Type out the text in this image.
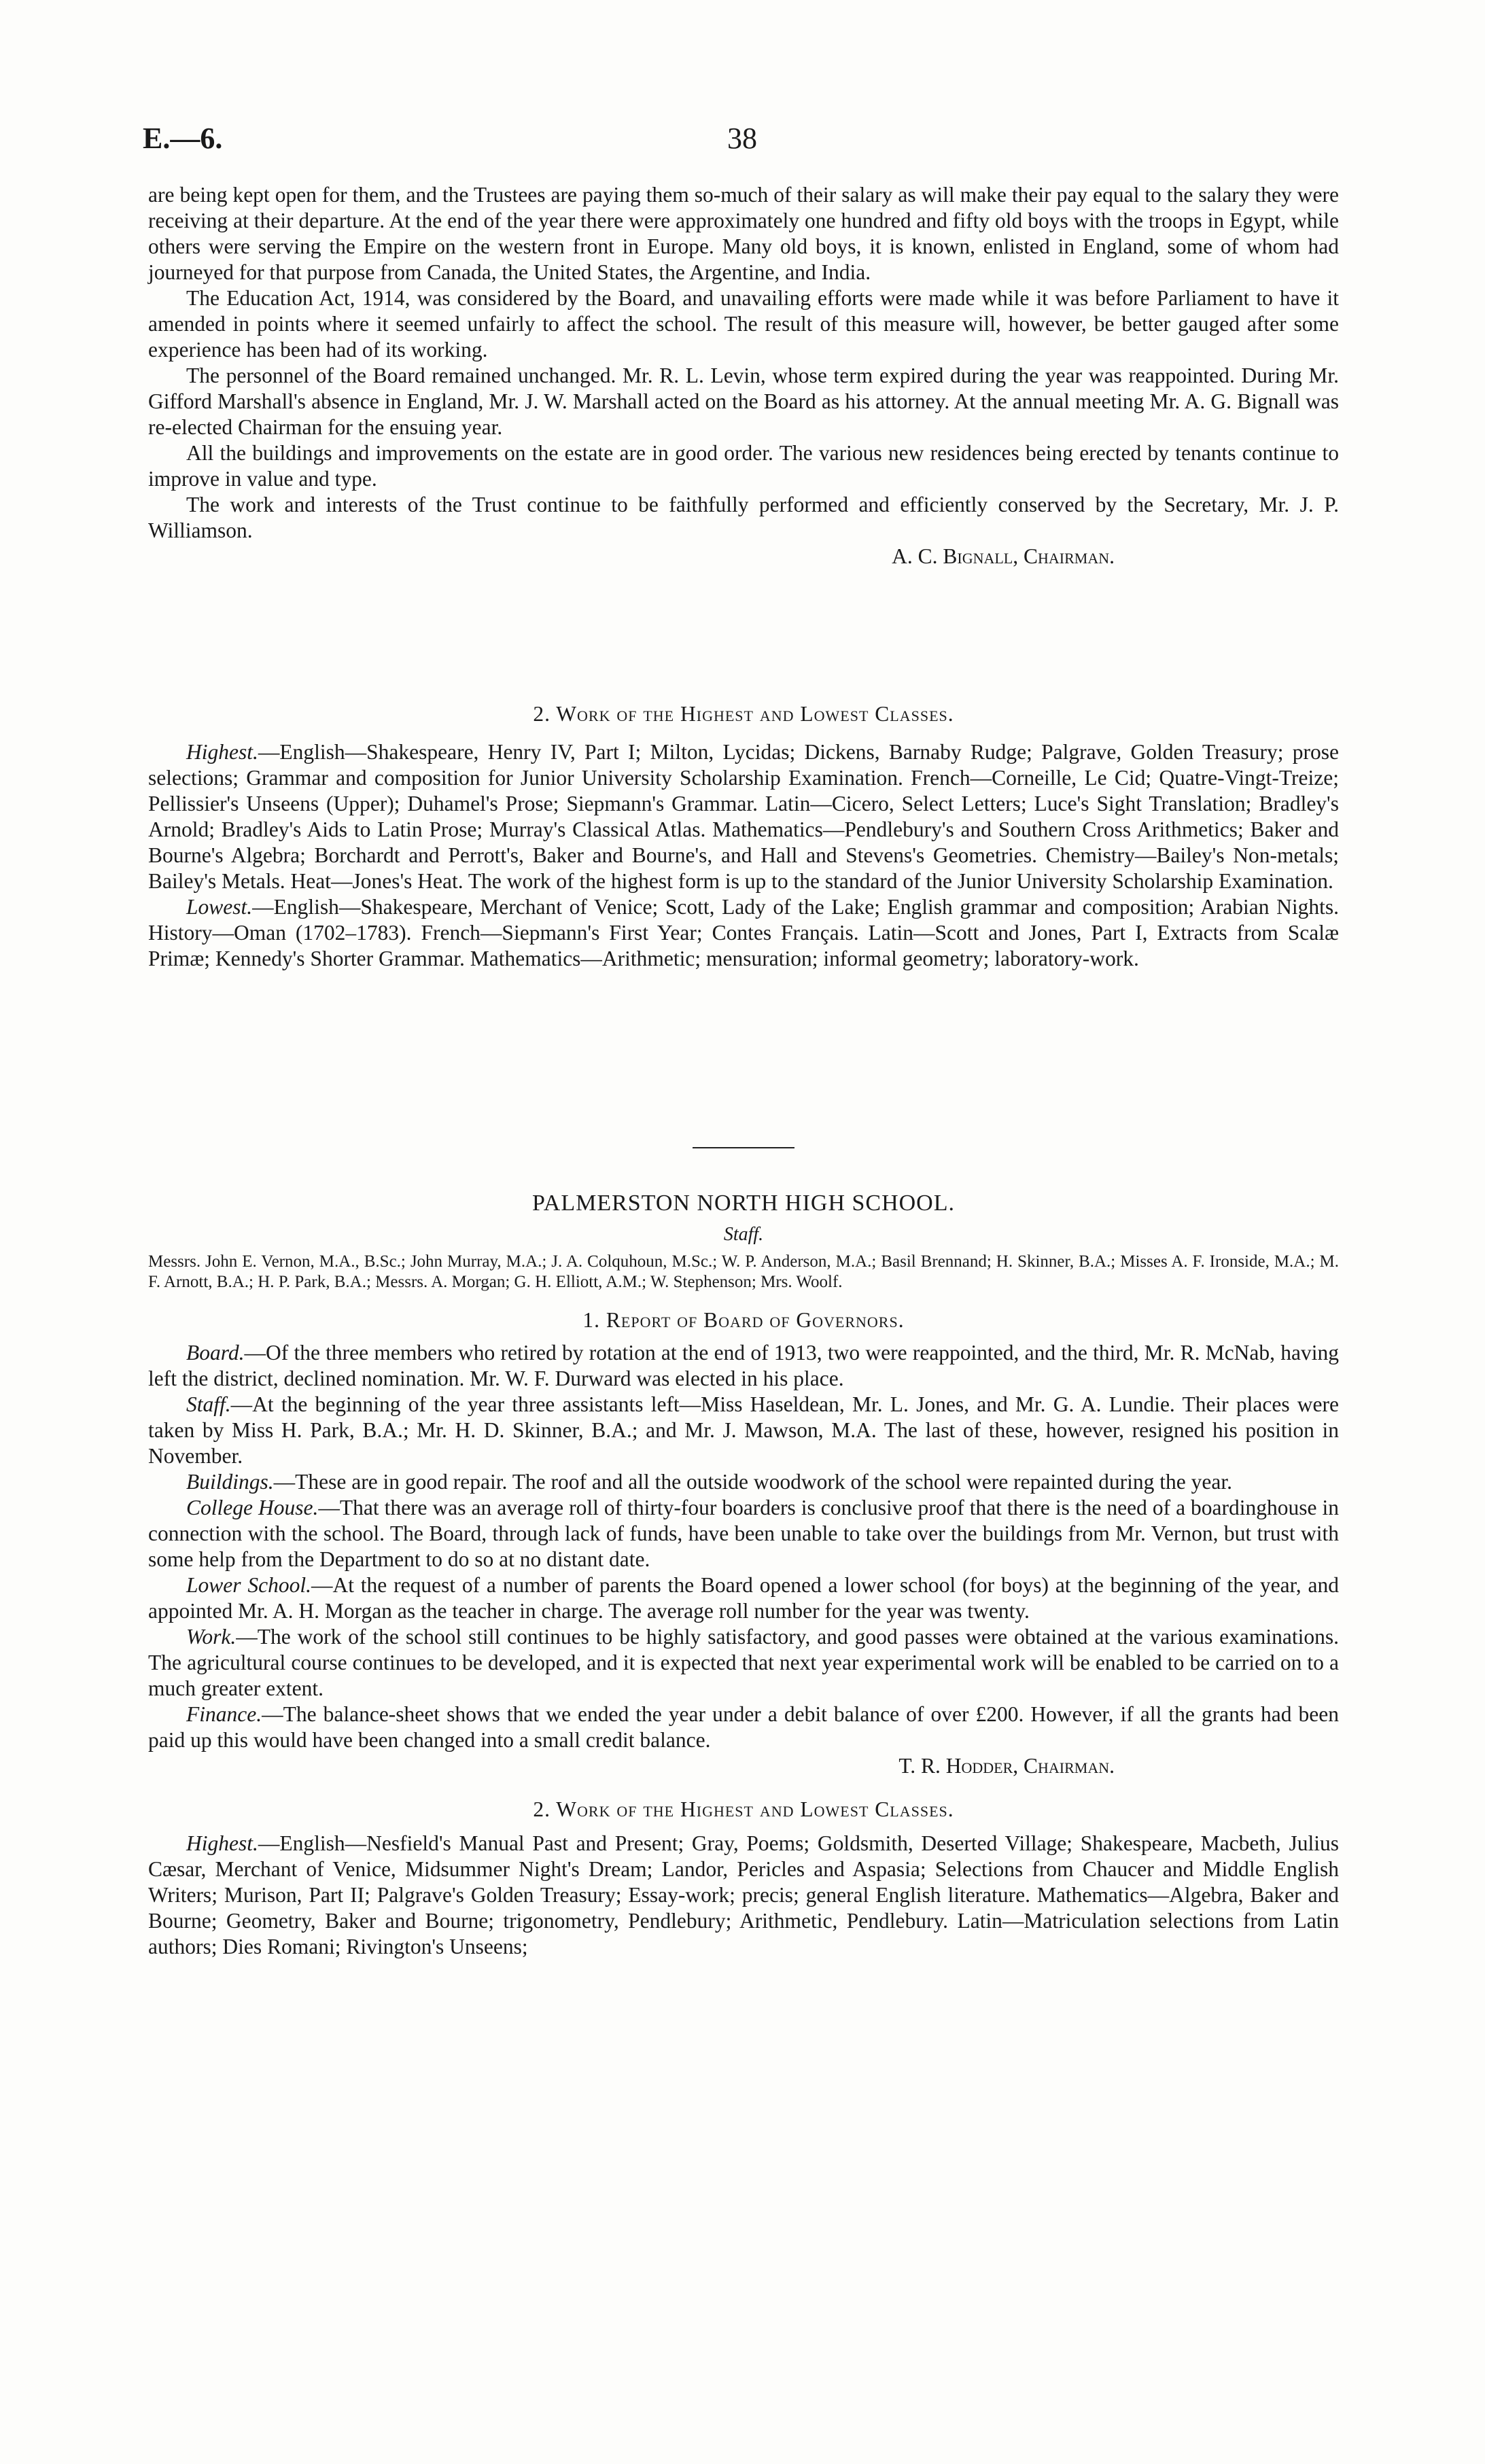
E.—6.	38

are being kept open for them, and the Trustees are paying them so-much of their salary as will make their pay equal to the salary they were receiving at their departure. At the end of the year there were approximately one hundred and fifty old boys with the troops in Egypt, while others were serving the Empire on the western front in Europe. Many old boys, it is known, enlisted in England, some of whom had journeyed for that purpose from Canada, the United States, the Argentine, and India.

The Education Act, 1914, was considered by the Board, and unavailing efforts were made while it was before Parliament to have it amended in points where it seemed unfairly to affect the school. The result of this measure will, however, be better gauged after some experience has been had of its working.

The personnel of the Board remained unchanged. Mr. R. L. Levin, whose term expired during the year was reappointed. During Mr. Gifford Marshall's absence in England, Mr. J. W. Marshall acted on the Board as his attorney. At the annual meeting Mr. A. G. Bignall was re-elected Chairman for the ensuing year.

All the buildings and improvements on the estate are in good order. The various new residences being erected by tenants continue to improve in value and type.

The work and interests of the Trust continue to be faithfully performed and efficiently conserved by the Secretary, Mr. J. P. Williamson.

A. C. Bignall, Chairman.

2. Work of the Highest and Lowest Classes.

Highest.—English—Shakespeare, Henry IV, Part I; Milton, Lycidas; Dickens, Barnaby Rudge; Palgrave, Golden Treasury; prose selections; Grammar and composition for Junior University Scholarship Examination. French—Corneille, Le Cid; Quatre-Vingt-Treize; Pellissier's Unseens (Upper); Duhamel's Prose; Siepmann's Grammar. Latin—Cicero, Select Letters; Luce's Sight Translation; Bradley's Arnold; Bradley's Aids to Latin Prose; Murray's Classical Atlas. Mathematics—Pendlebury's and Southern Cross Arithmetics; Baker and Bourne's Algebra; Borchardt and Perrott's, Baker and Bourne's, and Hall and Stevens's Geometries. Chemistry—Bailey's Non-metals; Bailey's Metals. Heat—Jones's Heat. The work of the highest form is up to the standard of the Junior University Scholarship Examination.

Lowest.—English—Shakespeare, Merchant of Venice; Scott, Lady of the Lake; English grammar and composition; Arabian Nights. History—Oman (1702–1783). French—Siepmann's First Year; Contes Français. Latin—Scott and Jones, Part I, Extracts from Scalæ Primæ; Kennedy's Shorter Grammar. Mathematics—Arithmetic; mensuration; informal geometry; laboratory-work.

PALMERSTON NORTH HIGH SCHOOL.

Staff.

Messrs. John E. Vernon, M.A., B.Sc.; John Murray, M.A.; J. A. Colquhoun, M.Sc.; W. P. Anderson, M.A.; Basil Brennand; H. Skinner, B.A.; Misses A. F. Ironside, M.A.; M. F. Arnott, B.A.; H. P. Park, B.A.; Messrs. A. Morgan; G. H. Elliott, A.M.; W. Stephenson; Mrs. Woolf.

1. Report of Board of Governors.

Board.—Of the three members who retired by rotation at the end of 1913, two were reappointed, and the third, Mr. R. McNab, having left the district, declined nomination. Mr. W. F. Durward was elected in his place.

Staff.—At the beginning of the year three assistants left—Miss Haseldean, Mr. L. Jones, and Mr. G. A. Lundie. Their places were taken by Miss H. Park, B.A.; Mr. H. D. Skinner, B.A.; and Mr. J. Mawson, M.A. The last of these, however, resigned his position in November.

Buildings.—These are in good repair. The roof and all the outside woodwork of the school were repainted during the year.

College House.—That there was an average roll of thirty-four boarders is conclusive proof that there is the need of a boardinghouse in connection with the school. The Board, through lack of funds, have been unable to take over the buildings from Mr. Vernon, but trust with some help from the Department to do so at no distant date.

Lower School.—At the request of a number of parents the Board opened a lower school (for boys) at the beginning of the year, and appointed Mr. A. H. Morgan as the teacher in charge. The average roll number for the year was twenty.

Work.—The work of the school still continues to be highly satisfactory, and good passes were obtained at the various examinations. The agricultural course continues to be developed, and it is expected that next year experimental work will be enabled to be carried on to a much greater extent.

Finance.—The balance-sheet shows that we ended the year under a debit balance of over £200. However, if all the grants had been paid up this would have been changed into a small credit balance.

T. R. Hodder, Chairman.

2. Work of the Highest and Lowest Classes.

Highest.—English—Nesfield's Manual Past and Present; Gray, Poems; Goldsmith, Deserted Village; Shakespeare, Macbeth, Julius Cæsar, Merchant of Venice, Midsummer Night's Dream; Landor, Pericles and Aspasia; Selections from Chaucer and Middle English Writers; Murison, Part II; Palgrave's Golden Treasury; Essay-work; precis; general English literature. Mathematics—Algebra, Baker and Bourne; Geometry, Baker and Bourne; trigonometry, Pendlebury; Arithmetic, Pendlebury. Latin—Matriculation selections from Latin authors; Dies Romani; Rivington's Unseens;
